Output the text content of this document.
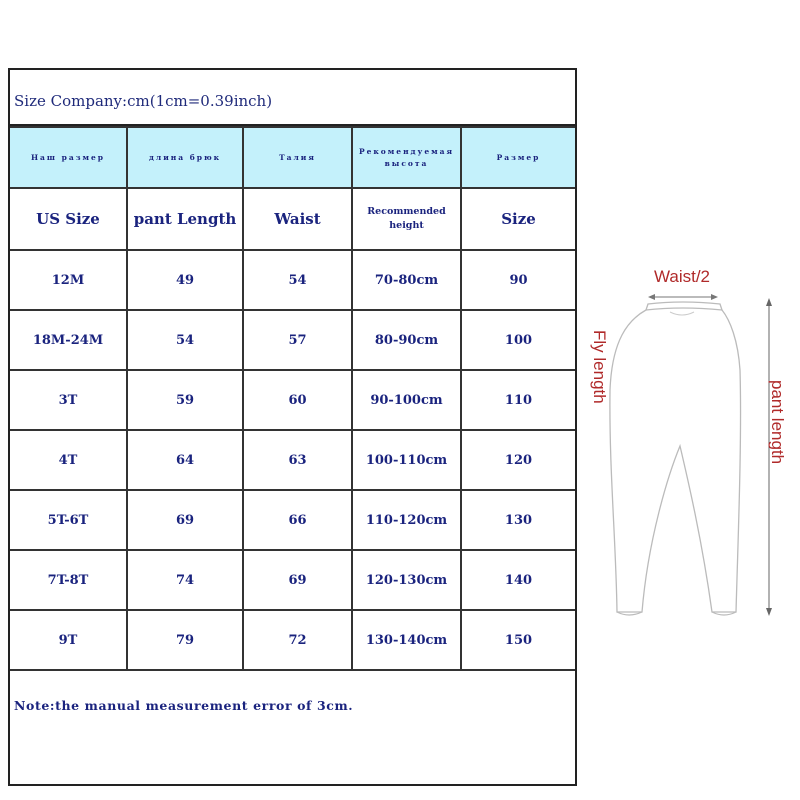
Size Company:cm(1cm=0.39inch)
Наш размер	длина брюк	Талия	Рекомендуемая высота	Размер
US Size	pant Length	Waist	Recommended height	Size
12M	49	54	70-80cm	90
18M-24M	54	57	80-90cm	100
3T	59	60	90-100cm	110
4T	64	63	100-110cm	120
5T-6T	69	66	110-120cm	130
7T-8T	74	69	120-130cm	140
9T	79	72	130-140cm	150
Note:the manual measurement error of 3cm.
Waist/2
Fly length
pant length
